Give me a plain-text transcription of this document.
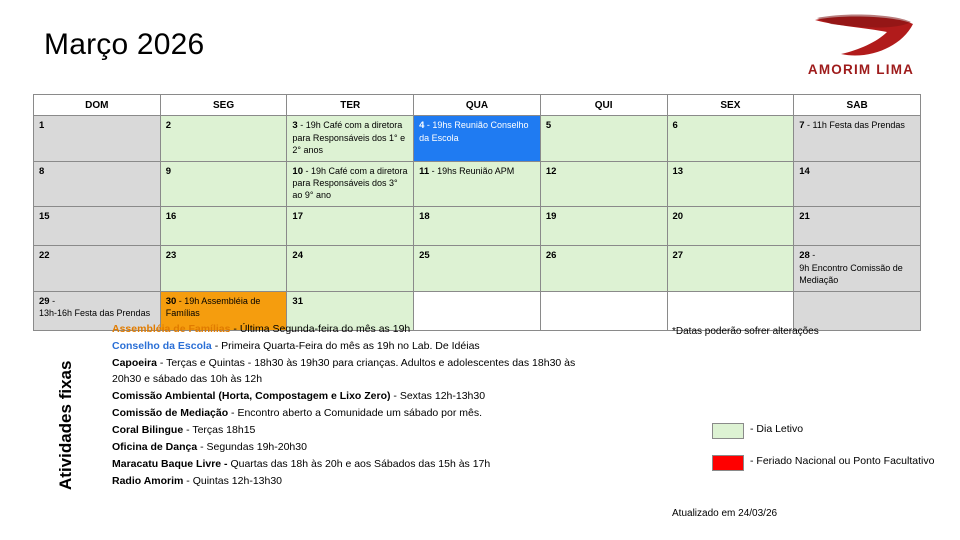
Março 2026
AMORIM LIMA
DOM	SEG	TER	QUA	QUI	SEX	SAB

1	2	3 - 19h Café com a diretora para Responsáveis dos 1° e 2° anos	4 - 19hs Reunião Conselho da Escola	5	6	7 - 11h Festa das Prendas

8	9	10 - 19h Café com a diretora para Responsáveis dos 3° ao 9° ano	11 - 19hs Reunião APM	12	13	14

15	16	17	18	19	20	21

22	23	24	25	26	27	28 -
9h Encontro Comissão de Mediação

29 -
13h-16h Festa das Prendas	30 - 19h Assembléia de Famílias	31				

Atividades fixas
Assembléia de Famílias - Última Segunda-feira do mês as 19h
Conselho da Escola - Primeira Quarta-Feira do mês as 19h no Lab. De Idéias
Capoeira - Terças e Quintas - 18h30 às 19h30 para crianças. Adultos e adolescentes das 18h30 às 20h30 e sábado das 10h às 12h
Comissão Ambiental (Horta, Compostagem e Lixo Zero) - Sextas 12h-13h30
Comissão de Mediação - Encontro aberto a Comunidade um sábado por mês.
Coral Bilingue - Terças 18h15
Oficina de Dança - Segundas 19h-20h30
Maracatu Baque Livre - Quartas das 18h às 20h e aos Sábados das 15h às 17h
Radio Amorim - Quintas 12h-13h30
*Datas poderão sofrer alterações
- Dia Letivo
- Feriado Nacional ou Ponto Facultativo
Atualizado em 24/03/26
